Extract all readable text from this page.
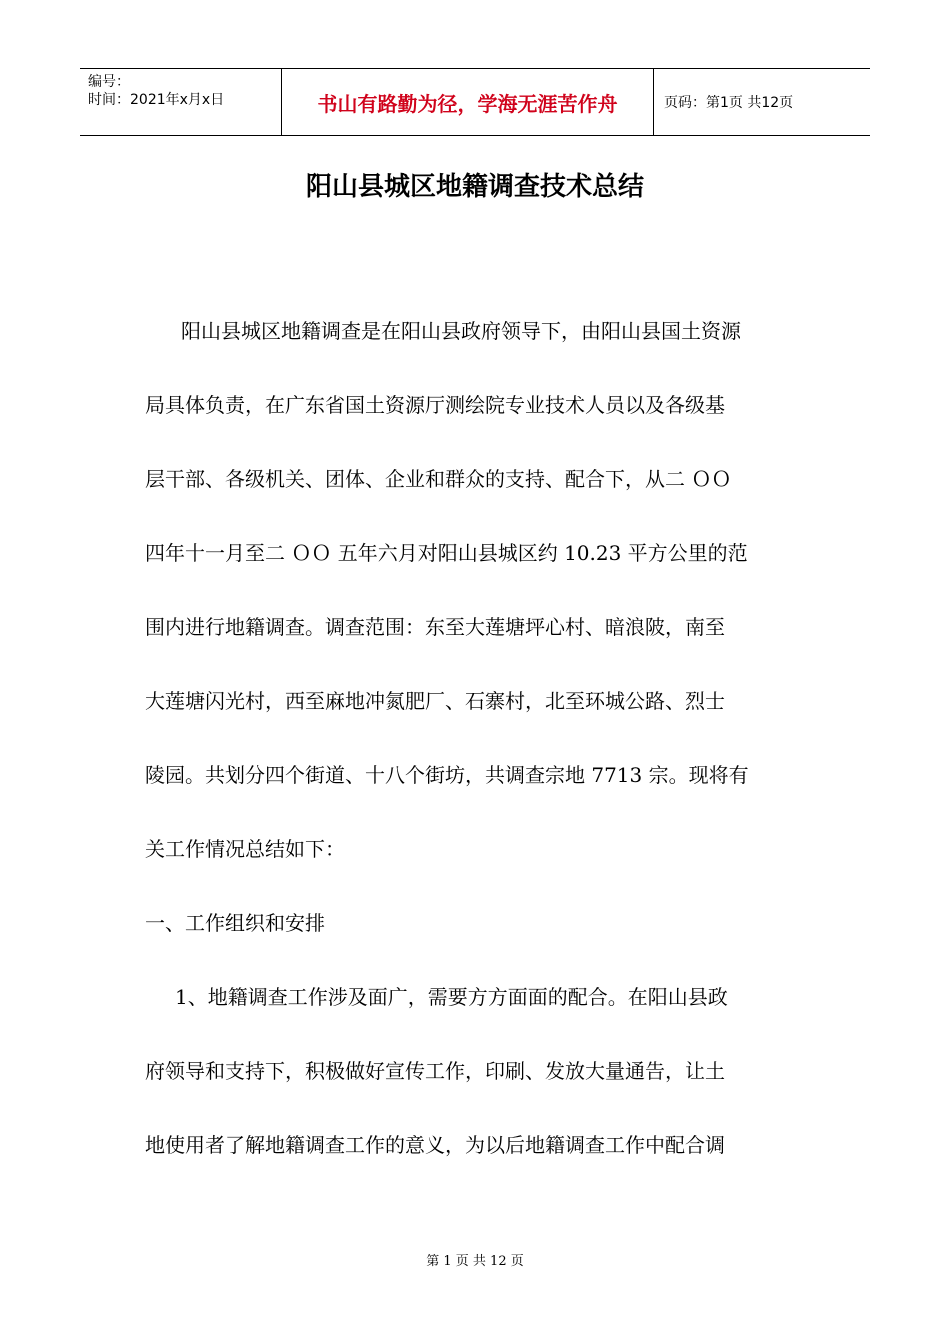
编号：
时间：2021年x月x日	书山有路勤为径，学海无涯苦作舟	页码：第1页 共12页
阳山县城区地籍调查技术总结
阳山县城区地籍调查是在阳山县政府领导下，由阳山县国土资源
局具体负责，在广东省国土资源厅测绘院专业技术人员以及各级基
层干部、各级机关、团体、企业和群众的支持、配合下，从二 ＯＯ
四年十一月至二 ＯＯ 五年六月对阳山县城区约 10.23 平方公里的范
围内进行地籍调查。调查范围：东至大莲塘坪心村、暗浪陂，南至
大莲塘闪光村，西至麻地冲氮肥厂、石寨村，北至环城公路、烈士
陵园。共划分四个街道、十八个街坊，共调查宗地 7713 宗。现将有
关工作情况总结如下：
一、工作组织和安排
1、地籍调查工作涉及面广，需要方方面面的配合。在阳山县政
府领导和支持下，积极做好宣传工作，印刷、发放大量通告，让土
地使用者了解地籍调查工作的意义，为以后地籍调查工作中配合调
第 1 页 共 12 页
